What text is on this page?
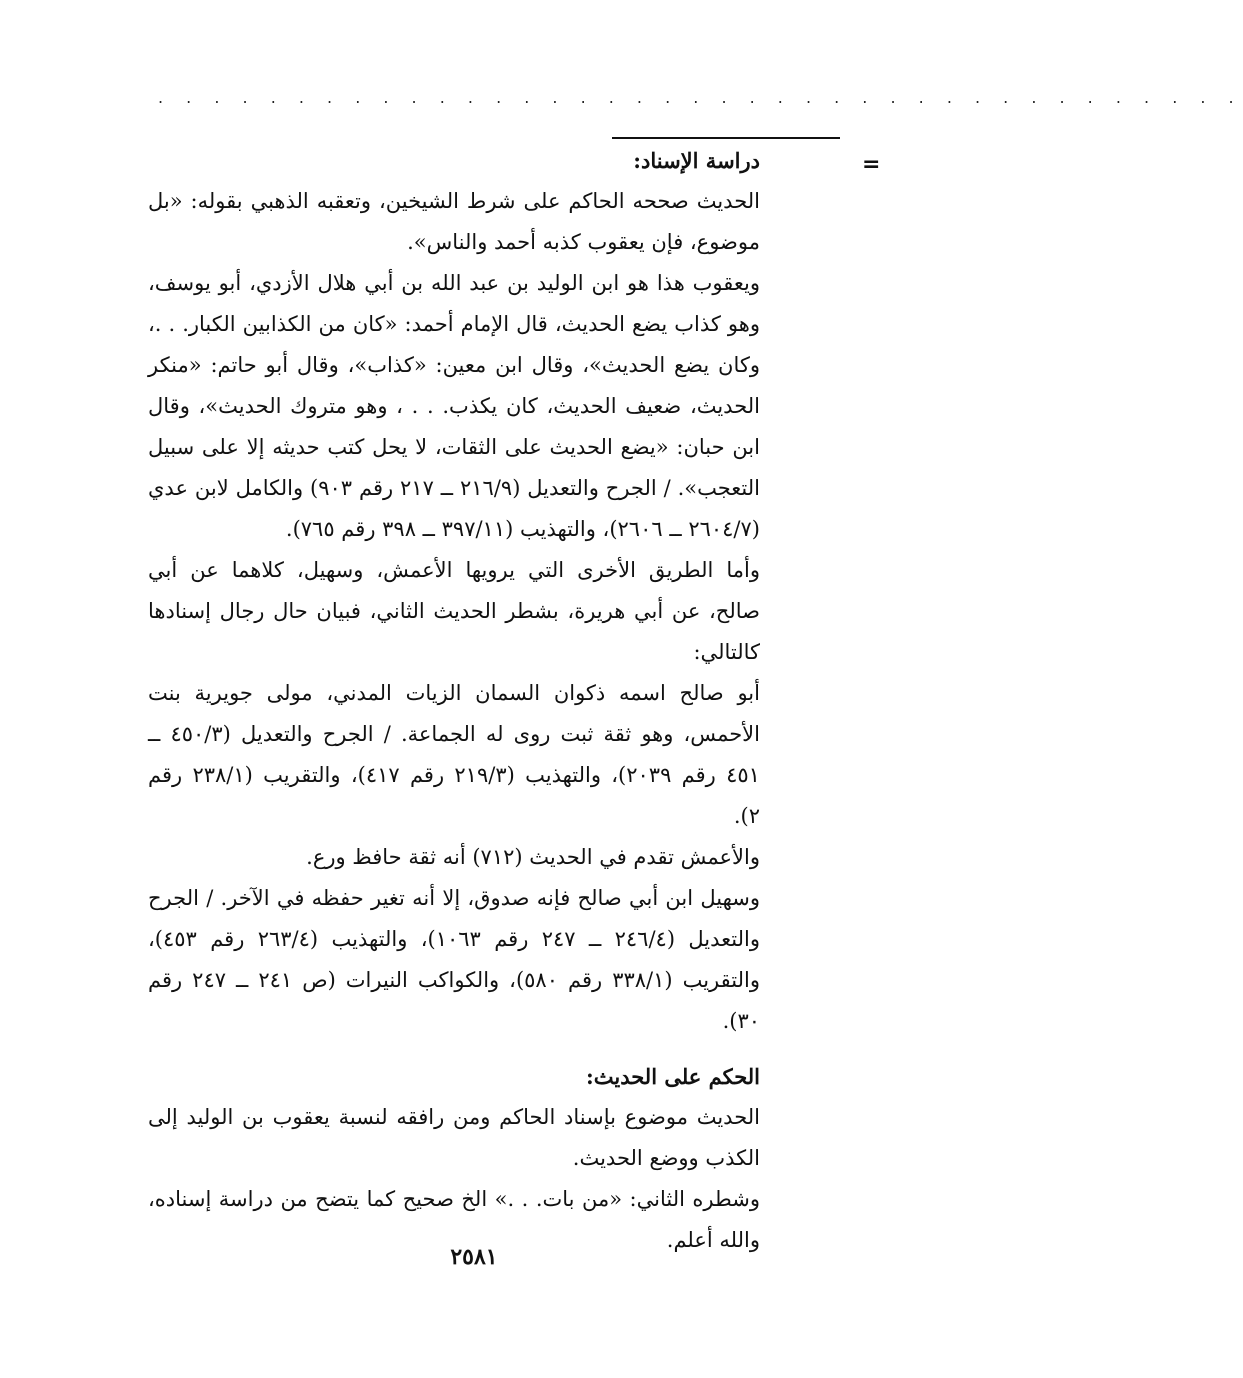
. . . . . . . . . . . . . . . . . . . . . . . . . . . . . . . . . . . . . . .
=
دراسة الإسناد:

الحديث صححه الحاكم على شرط الشيخين، وتعقبه الذهبي بقوله: «بل موضوع، فإن يعقوب كذبه أحمد والناس».

ويعقوب هذا هو ابن الوليد بن عبد الله بن أبي هلال الأزدي، أبو يوسف، وهو كذاب يضع الحديث، قال الإمام أحمد: «كان من الكذابين الكبار. . .، وكان يضع الحديث»، وقال ابن معين: «كذاب»، وقال أبو حاتم: «منكر الحديث، ضعيف الحديث، كان يكذب. . . ، وهو متروك الحديث»، وقال ابن حبان: «يضع الحديث على الثقات، لا يحل كتب حديثه إلا على سبيل التعجب». / الجرح والتعديل (٢١٦/٩ ــ ٢١٧ رقم ٩٠٣) والكامل لابن عدي (٢٦٠٤/٧ ــ ٢٦٠٦)، والتهذيب (٣٩٧/١١ ــ ٣٩٨ رقم ٧٦٥).

وأما الطريق الأخرى التي يرويها الأعمش، وسهيل، كلاهما عن أبي صالح، عن أبي هريرة، بشطر الحديث الثاني، فبيان حال رجال إسنادها كالتالي:

أبو صالح اسمه ذكوان السمان الزيات المدني، مولى جويرية بنت الأحمس، وهو ثقة ثبت روى له الجماعة. / الجرح والتعديل (٤٥٠/٣ ــ ٤٥١ رقم ٢٠٣٩)، والتهذيب (٢١٩/٣ رقم ٤١٧)، والتقريب (٢٣٨/١ رقم ٢).

والأعمش تقدم في الحديث (٧١٢) أنه ثقة حافظ ورع.

وسهيل ابن أبي صالح فإنه صدوق، إلا أنه تغير حفظه في الآخر. / الجرح والتعديل (٢٤٦/٤ ــ ٢٤٧ رقم ١٠٦٣)، والتهذيب (٢٦٣/٤ رقم ٤٥٣)، والتقريب (٣٣٨/١ رقم ٥٨٠)، والكواكب النيرات (ص ٢٤١ ــ ٢٤٧ رقم ٣٠).

الحكم على الحديث:

الحديث موضوع بإسناد الحاكم ومن رافقه لنسبة يعقوب بن الوليد إلى الكذب ووضع الحديث.

وشطره الثاني: «من بات. . .» الخ صحيح كما يتضح من دراسة إسناده، والله أعلم.

٢٥٨١
